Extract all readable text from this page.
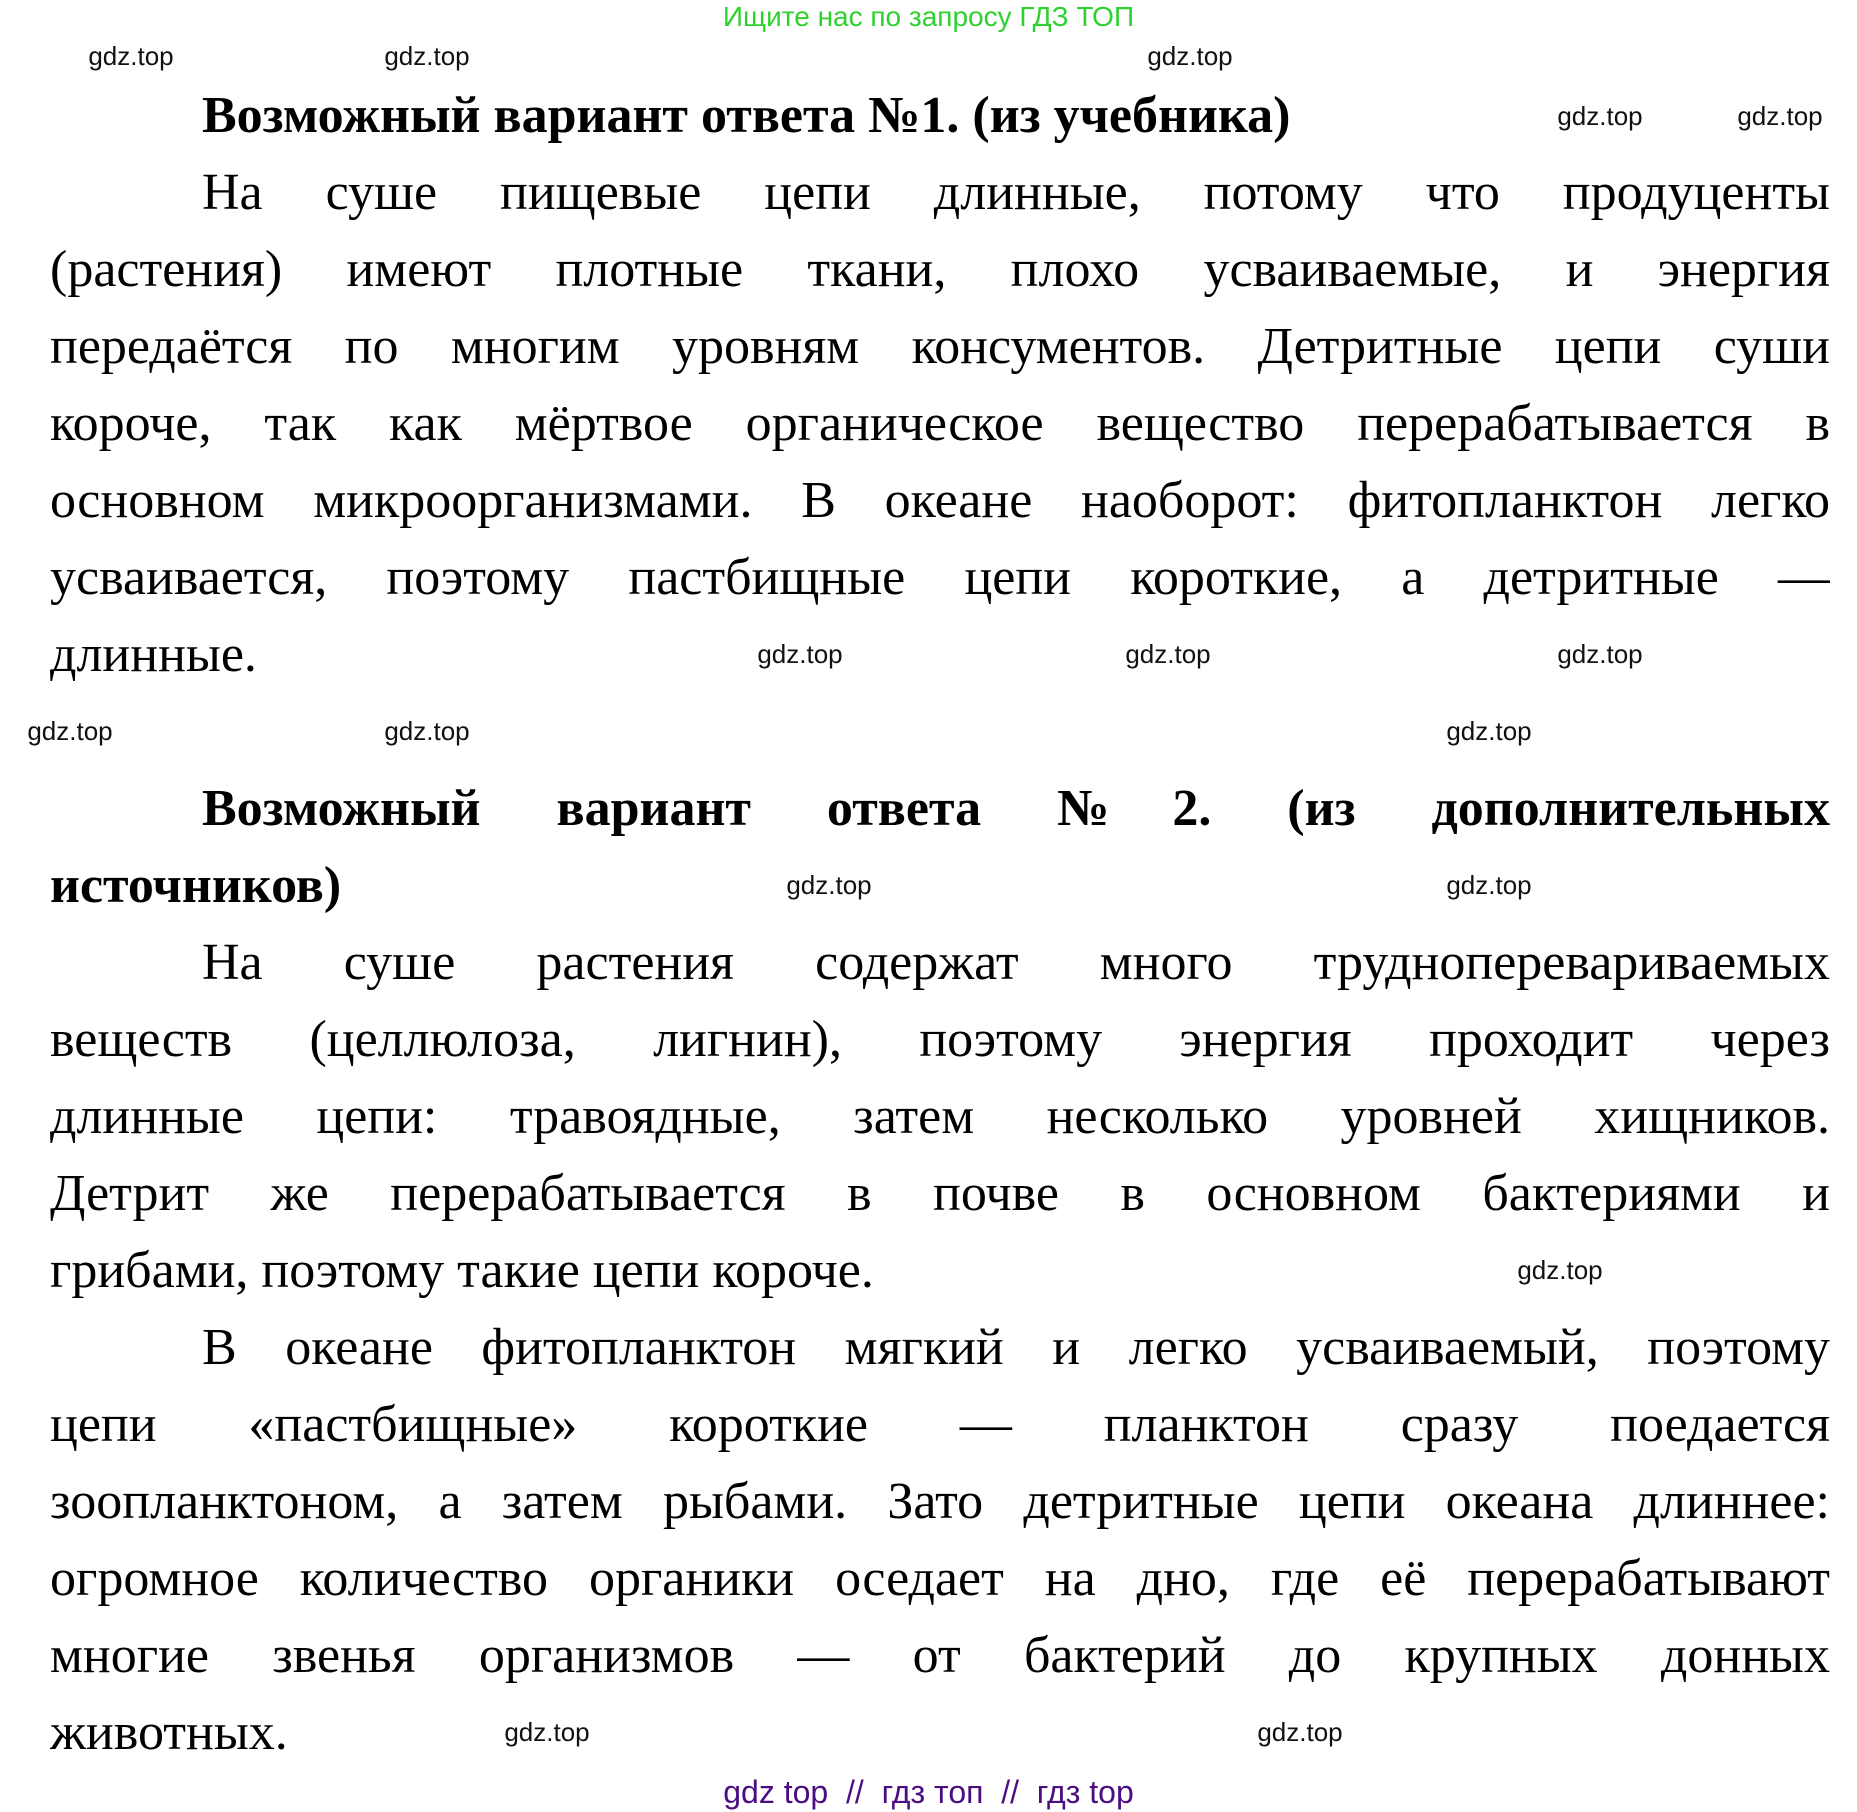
Ищите нас по запросу ГДЗ ТОП
Возможный вариант ответа №1. (из учебника)
На суше пищевые цепи длинные, потому что продуценты
(растения) имеют плотные ткани, плохо усваиваемые, и энергия
передаётся по многим уровням консументов. Детритные цепи суши
короче, так как мёртвое органическое вещество перерабатывается в
основном микроорганизмами. В океане наоборот: фитопланктон легко
усваивается, поэтому пастбищные цепи короткие, а детритные —
длинные.
Возможный вариант ответа №2. (из дополнительных
источников)
На суше растения содержат много трудноперевариваемых
веществ (целлюлоза, лигнин), поэтому энергия проходит через
длинные цепи: травоядные, затем несколько уровней хищников.
Детрит же перерабатывается в почве в основном бактериями и
грибами, поэтому такие цепи короче.
В океане фитопланктон мягкий и легко усваиваемый, поэтому
цепи «пастбищные» короткие — планктон сразу поедается
зоопланктоном, а затем рыбами. Зато детритные цепи океана длиннее:
огромное количество органики оседает на дно, где её перерабатывают
многие звенья организмов — от бактерий до крупных донных
животных.
gdz.top	gdz.top	gdz.top
gdz.top	gdz.top
gdz.top	gdz.top	gdz.top
gdz.top	gdz.top	gdz.top
gdz.top	gdz.top
gdz.top
gdz.top	gdz.top
gdz top  //  гдз топ  //  гдз top
